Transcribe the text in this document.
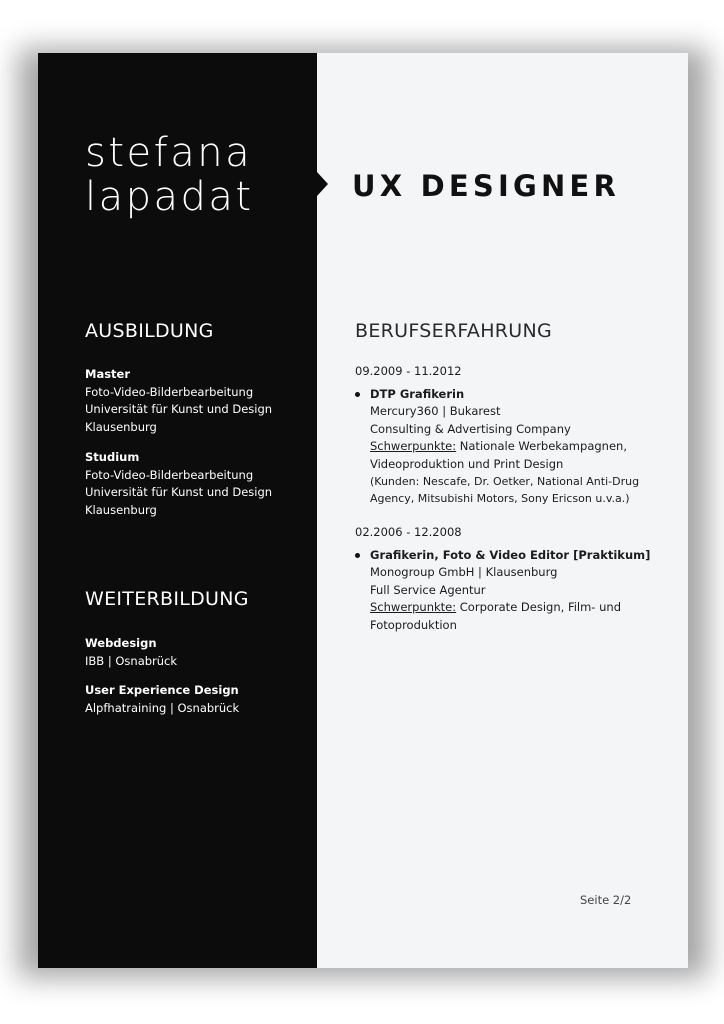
stefana
lapadat
AUSBILDUNG
Master
Foto-Video-Bilderbearbeitung
Universität für Kunst und Design
Klausenburg
Studium
Foto-Video-Bilderbearbeitung
Universität für Kunst und Design
Klausenburg
WEITERBILDUNG
Webdesign
IBB | Osnabrück
User Experience Design
Alpfhatraining | Osnabrück
UX DESIGNER
BERUFSERFAHRUNG
09.2009 - 11.2012
DTP Grafikerin
Mercury360 | Bukarest
Consulting & Advertising Company
Schwerpunkte: Nationale Werbekampagnen,
Videoproduktion und Print Design
(Kunden: Nescafe, Dr. Oetker, National Anti-Drug
Agency, Mitsubishi Motors, Sony Ericson u.v.a.)
02.2006 - 12.2008
Grafikerin, Foto & Video Editor [Praktikum]
Monogroup GmbH | Klausenburg
Full Service Agentur
Schwerpunkte: Corporate Design, Film- und
Fotoproduktion
Seite 2/2
